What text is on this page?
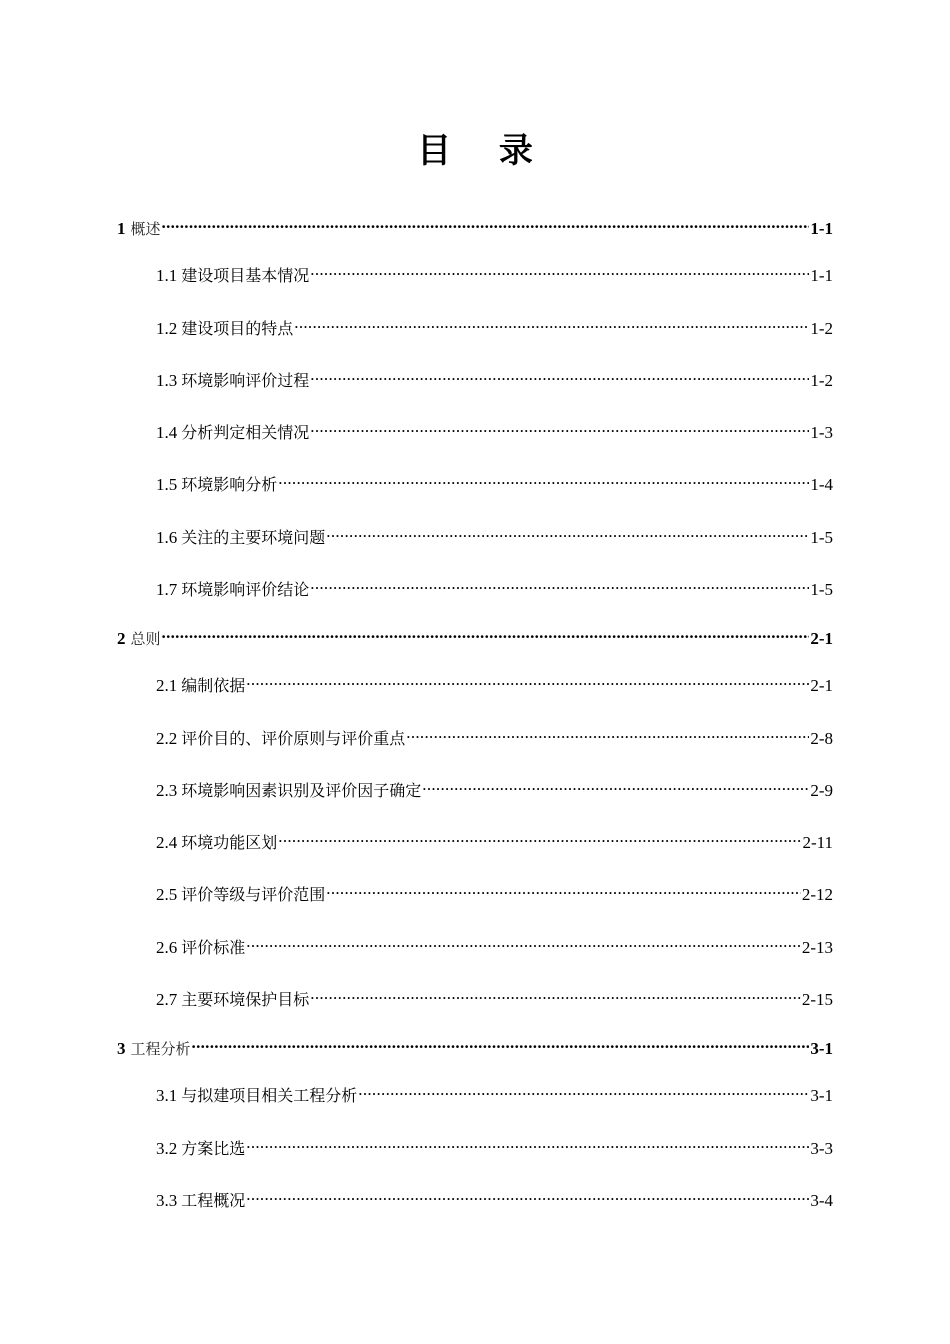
目 录
1 概述 .....	1-1
1.1 建设项目基本情况 .....	1-1
1.2 建设项目的特点 .....	1-2
1.3 环境影响评价过程 .....	1-2
1.4 分析判定相关情况 .....	1-3
1.5 环境影响分析 .....	1-4
1.6 关注的主要环境问题 .....	1-5
1.7 环境影响评价结论 .....	1-5
2 总则 .....	2-1
2.1 编制依据 .....	2-1
2.2 评价目的、评价原则与评价重点 .....	2-8
2.3 环境影响因素识别及评价因子确定 .....	2-9
2.4 环境功能区划 .....	2-11
2.5 评价等级与评价范围 .....	2-12
2.6 评价标准 .....	2-13
2.7 主要环境保护目标 .....	2-15
3 工程分析 .....	3-1
3.1 与拟建项目相关工程分析 .....	3-1
3.2 方案比选 .....	3-3
3.3 工程概况 .....	3-4
